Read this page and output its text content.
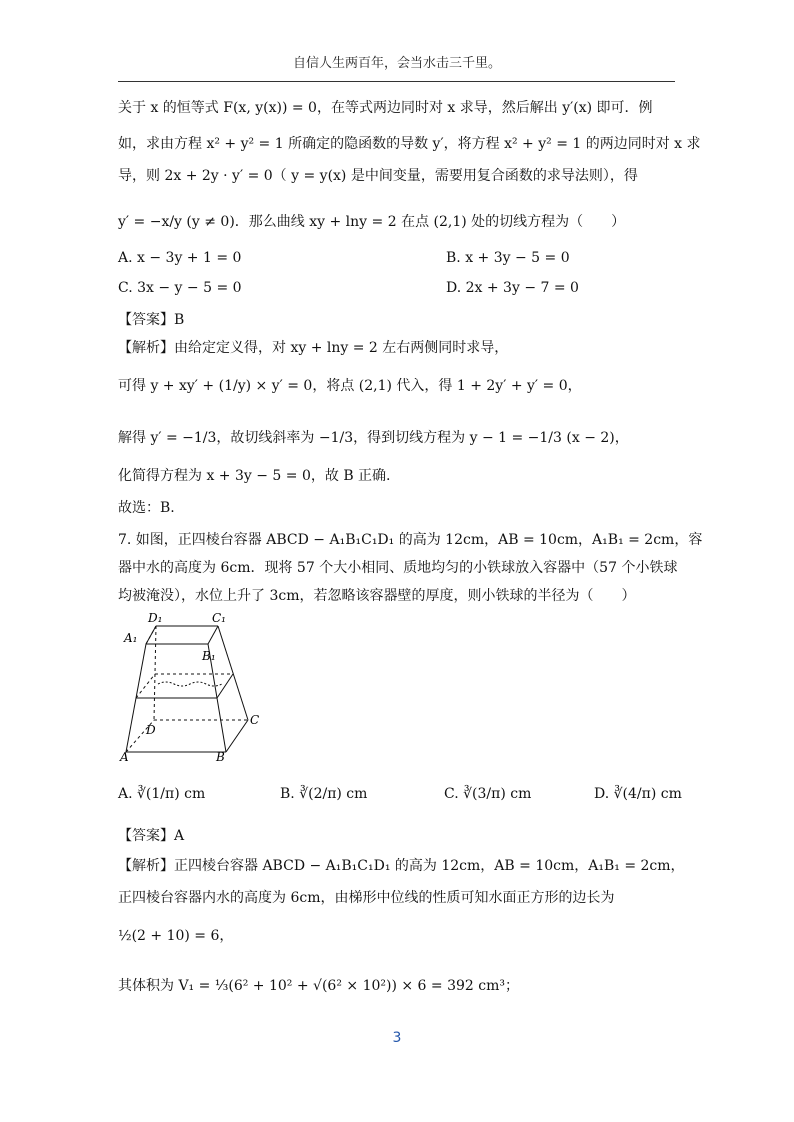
自信人生两百年，会当水击三千里。
关于 x 的恒等式 F(x, y(x)) = 0，在等式两边同时对 x 求导，然后解出 y′(x) 即可．例
如，求由方程 x² + y² = 1 所确定的隐函数的导数 y′，将方程 x² + y² = 1 的两边同时对 x 求
导，则 2x + 2y · y′ = 0（ y = y(x) 是中间变量，需要用复合函数的求导法则），得
y′ = −x/y (y ≠ 0)．那么曲线 xy + lny = 2 在点 (2,1) 处的切线方程为（　　）
A. x − 3y + 1 = 0	B. x + 3y − 5 = 0
C. 3x − y − 5 = 0	D. 2x + 3y − 7 = 0
【答案】B
【解析】由给定定义得，对 xy + lny = 2 左右两侧同时求导，
可得 y + xy′ + (1/y) × y′ = 0，将点 (2,1) 代入，得 1 + 2y′ + y′ = 0，
解得 y′ = −1/3，故切线斜率为 −1/3，得到切线方程为 y − 1 = −1/3 (x − 2)，
化简得方程为 x + 3y − 5 = 0，故 B 正确.
故选：B.
7. 如图，正四棱台容器 ABCD − A₁B₁C₁D₁ 的高为 12cm，AB = 10cm，A₁B₁ = 2cm，容
器中水的高度为 6cm．现将 57 个大小相同、质地均匀的小铁球放入容器中（57 个小铁球
均被淹没），水位上升了 3cm，若忽略该容器壁的厚度，则小铁球的半径为（　　）
D₁	C₁
A₁
B₁
D
C
A	B
A. ∛(1/π) cm	B. ∛(2/π) cm	C. ∛(3/π) cm	D. ∛(4/π) cm
【答案】A
【解析】正四棱台容器 ABCD − A₁B₁C₁D₁ 的高为 12cm，AB = 10cm，A₁B₁ = 2cm，
正四棱台容器内水的高度为 6cm，由梯形中位线的性质可知水面正方形的边长为
½(2 + 10) = 6，
其体积为 V₁ = ⅓(6² + 10² + √(6² × 10²)) × 6 = 392 cm³；
3
